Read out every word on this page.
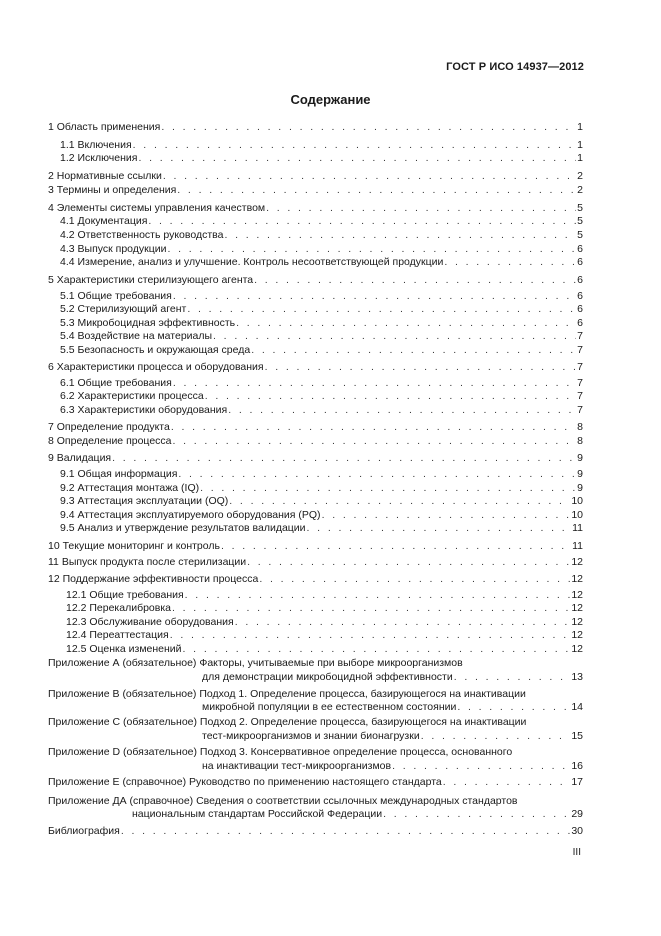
ГОСТ Р ИСО 14937—2012
Содержание
1 Область применения . . .	1
1.1 Включения . . .	1
1.2 Исключения . . .	1
2 Нормативные ссылки . . .	2
3 Термины и определения . . .	2
4 Элементы системы управления качеством . . .	5
4.1 Документация . . .	5
4.2 Ответственность руководства . . .	5
4.3 Выпуск продукции . . .	6
4.4 Измерение, анализ и улучшение. Контроль несоответствующей продукции . . .	6
5 Характеристики стерилизующего агента . . .	6
5.1 Общие требования . . .	6
5.2 Стерилизующий агент . . .	6
5.3 Микробоцидная эффективность . . .	6
5.4 Воздействие на материалы . . .	7
5.5 Безопасность и окружающая среда . . .	7
6 Характеристики процесса и оборудования . . .	7
6.1 Общие требования . . .	7
6.2 Характеристики процесса . . .	7
6.3 Характеристики оборудования . . .	7
7 Определение продукта . . .	8
8 Определение процесса . . .	8
9 Валидация . . .	9
9.1 Общая информация . . .	9
9.2 Аттестация монтажа (IQ) . . .	9
9.3 Аттестация эксплуатации (OQ) . . .	10
9.4 Аттестация эксплуатируемого оборудования (PQ) . . .	10
9.5 Анализ и утверждение результатов валидации . . .	11
10 Текущие мониторинг и контроль . . .	11
11 Выпуск продукта после стерилизации . . .	12
12 Поддержание эффективности процесса . . .	12
12.1 Общие требования . . .	12
12.2 Перекалибровка . . .	12
12.3 Обслуживание оборудования . . .	12
12.4 Переаттестация . . .	12
12.5 Оценка изменений . . .	12
Приложение А (обязательное) Факторы, учитываемые при выборе микроорганизмов
для демонстрации микробоцидной эффективности . . .	13
Приложение В (обязательное) Подход 1. Определение процесса, базирующегося на инактивации
микробной популяции в ее естественном состоянии . . .	14
Приложение С (обязательное) Подход 2. Определение процесса, базирующегося на инактивации
тест-микроорганизмов и знании бионагрузки . . .	15
Приложение D (обязательное) Подход 3. Консервативное определение процесса, основанного
на инактивации тест-микроорганизмов . . .	16
Приложение Е (справочное) Руководство по применению настоящего стандарта . . .	17
Приложение ДА (справочное) Сведения о соответствии ссылочных международных стандартов
национальным стандартам Российской Федерации . . .	29
Библиография . . .	30
III
